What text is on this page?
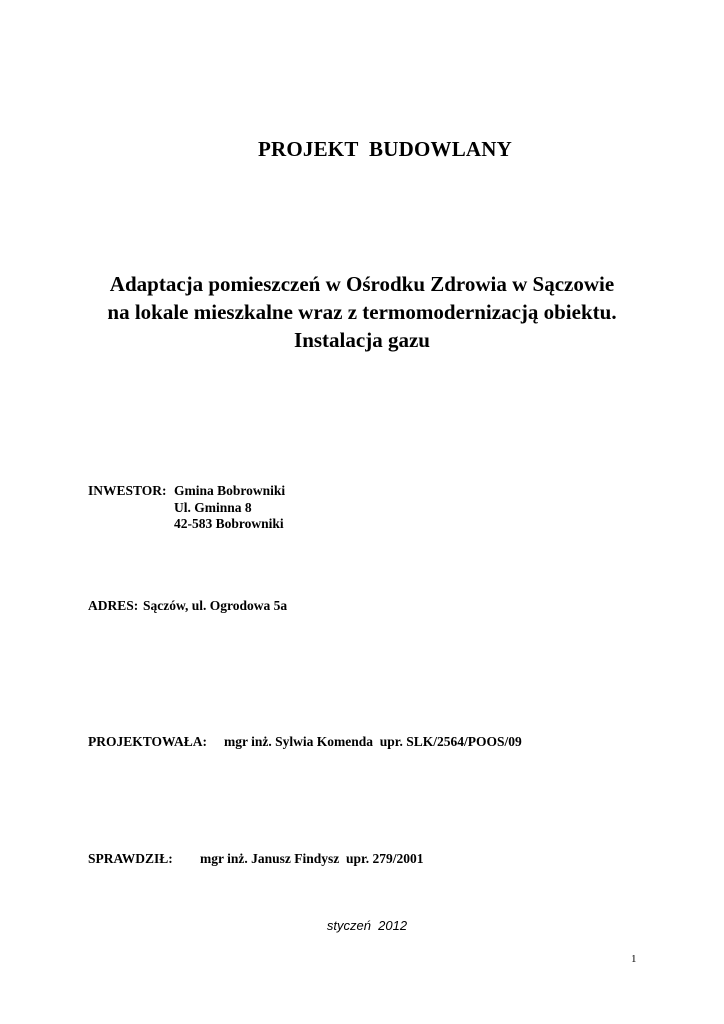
PROJEKT  BUDOWLANY
Adaptacja pomieszczeń w Ośrodku Zdrowia w Sączowie
na lokale mieszkalne wraz z termomodernizacją obiektu.
Instalacja gazu
INWESTOR: Gmina Bobrowniki
Ul. Gminna 8
42-583 Bobrowniki
ADRES: Sączów, ul. Ogrodowa 5a
PROJEKTOWAŁA: mgr inż. Sylwia Komenda  upr. SLK/2564/POOS/09
SPRAWDZIŁ: mgr inż. Janusz Findysz  upr. 279/2001
styczeń  2012
1
